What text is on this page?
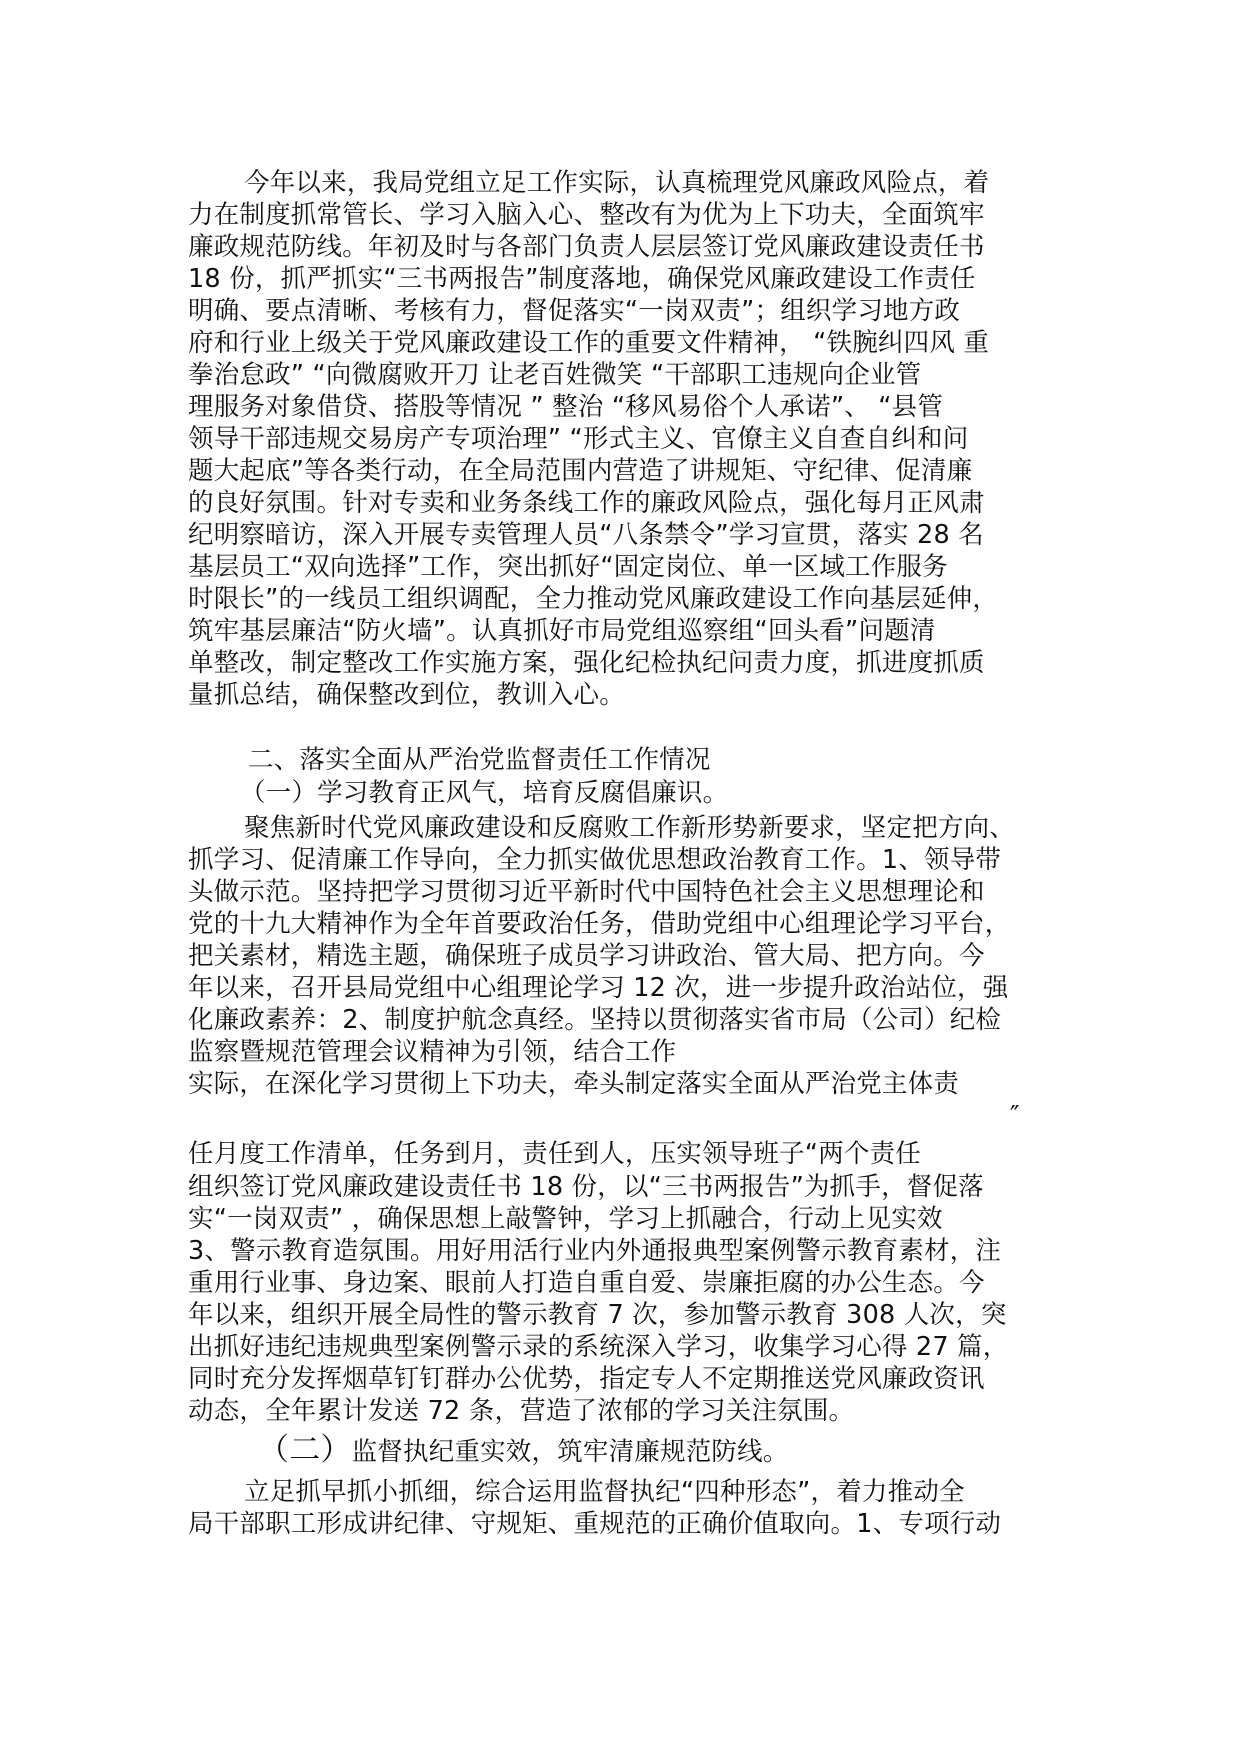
今年以来，我局党组立足工作实际，认真梳理党风廉政风险点，着
力在制度抓常管长、学习入脑入心、整改有为优为上下功夫，全面筑牢
廉政规范防线。年初及时与各部门负责人层层签订党风廉政建设责任书
18 份，抓严抓实“三书两报告”制度落地，确保党风廉政建设工作责任
明确、要点清晰、考核有力，督促落实“一岗双责”；组织学习地方政
府和行业上级关于党风廉政建设工作的重要文件精神， “铁腕纠四风 重
拳治怠政” “向微腐败开刀 让老百姓微笑 “干部职工违规向企业管
理服务对象借贷、搭股等情况 ” 整治 “移风易俗个人承诺”、 “县管
领导干部违规交易房产专项治理” “形式主义、官僚主义自查自纠和问
题大起底”等各类行动，在全局范围内营造了讲规矩、守纪律、促清廉
的良好氛围。针对专卖和业务条线工作的廉政风险点，强化每月正风肃
纪明察暗访，深入开展专卖管理人员“八条禁令”学习宣贯，落实 28 名
基层员工“双向选择”工作，突出抓好“固定岗位、单一区域工作服务
时限长”的一线员工组织调配，全力推动党风廉政建设工作向基层延伸，
筑牢基层廉洁“防火墙”。认真抓好市局党组巡察组“回头看”问题清
单整改，制定整改工作实施方案，强化纪检执纪问责力度，抓进度抓质
量抓总结，确保整改到位，教训入心。
二、落实全面从严治党监督责任工作情况
（一）学习教育正风气，培育反腐倡廉识。
聚焦新时代党风廉政建设和反腐败工作新形势新要求，坚定把方向、
抓学习、促清廉工作导向，全力抓实做优思想政治教育工作。1、领导带
头做示范。坚持把学习贯彻习近平新时代中国特色社会主义思想理论和
党的十九大精神作为全年首要政治任务，借助党组中心组理论学习平台，
把关素材，精选主题，确保班子成员学习讲政治、管大局、把方向。今
年以来，召开县局党组中心组理论学习 12 次，进一步提升政治站位，强
化廉政素养：2、制度护航念真经。坚持以贯彻落实省市局（公司）纪检
监察暨规范管理会议精神为引领，结合工作
实际，在深化学习贯彻上下功夫，牵头制定落实全面从严治党主体责
″
任月度工作清单，任务到月，责任到人，压实领导班子“两个责任
组织签订党风廉政建设责任书 18 份，以“三书两报告”为抓手，督促落
实“一岗双责” ，确保思想上敲警钟，学习上抓融合，行动上见实效
3、警示教育造氛围。用好用活行业内外通报典型案例警示教育素材，注
重用行业事、身边案、眼前人打造自重自爱、崇廉拒腐的办公生态。今
年以来，组织开展全局性的警示教育 7 次，参加警示教育 308 人次，突
出抓好违纪违规典型案例警示录的系统深入学习，收集学习心得 27 篇，
同时充分发挥烟草钉钉群办公优势，指定专人不定期推送党风廉政资讯
动态，全年累计发送 72 条，营造了浓郁的学习关注氛围。
（二）监督执纪重实效，筑牢清廉规范防线。
立足抓早抓小抓细，综合运用监督执纪“四种形态”，着力推动全
局干部职工形成讲纪律、守规矩、重规范的正确价值取向。1、专项行动
